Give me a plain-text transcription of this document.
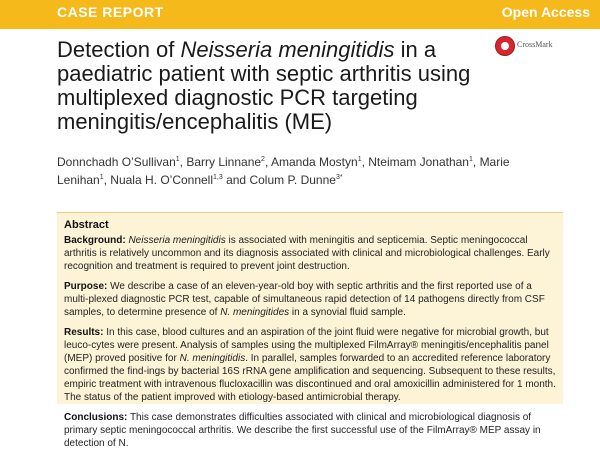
CASE REPORT	Open Access
CrossMark
Detection of Neisseria meningitidis in a paediatric patient with septic arthritis using multiplexed diagnostic PCR targeting meningitis/encephalitis (ME)
Donnchadh O’Sullivan$^1$, Barry Linnane$^2$, Amanda Mostyn$^1$, Nteimam Jonathan$^1$, Marie Lenihan$^1$, Nuala H. O’Connell$^{1,3}$ and Colum P. Dunne$^{3*}$
Abstract

Background: Neisseria meningitidis is associated with meningitis and septicemia. Septic meningococcal arthritis is relatively uncommon and its diagnosis associated with clinical and microbiological challenges. Early recognition and treatment is required to prevent joint destruction.

Purpose: We describe a case of an eleven-year-old boy with septic arthritis and the first reported use of a multi-plexed diagnostic PCR test, capable of simultaneous rapid detection of 14 pathogens directly from CSF samples, to determine presence of N. meningitides in a synovial fluid sample.

Results: In this case, blood cultures and an aspiration of the joint fluid were negative for microbial growth, but leuco-cytes were present. Analysis of samples using the multiplexed FilmArray® meningitis/encephalitis panel (MEP) proved positive for N. meningitidis. In parallel, samples forwarded to an accredited reference laboratory confirmed the find-ings by bacterial 16S rRNA gene amplification and sequencing. Subsequent to these results, empiric treatment with intravenous flucloxacillin was discontinued and oral amoxicillin administered for 1 month. The status of the patient improved with etiology-based antimicrobial therapy.

Conclusions: This case demonstrates difficulties associated with clinical and microbiological diagnosis of primary septic meningococcal arthritis. We describe the first successful use of the FilmArray® MEP assay in detection of N.
